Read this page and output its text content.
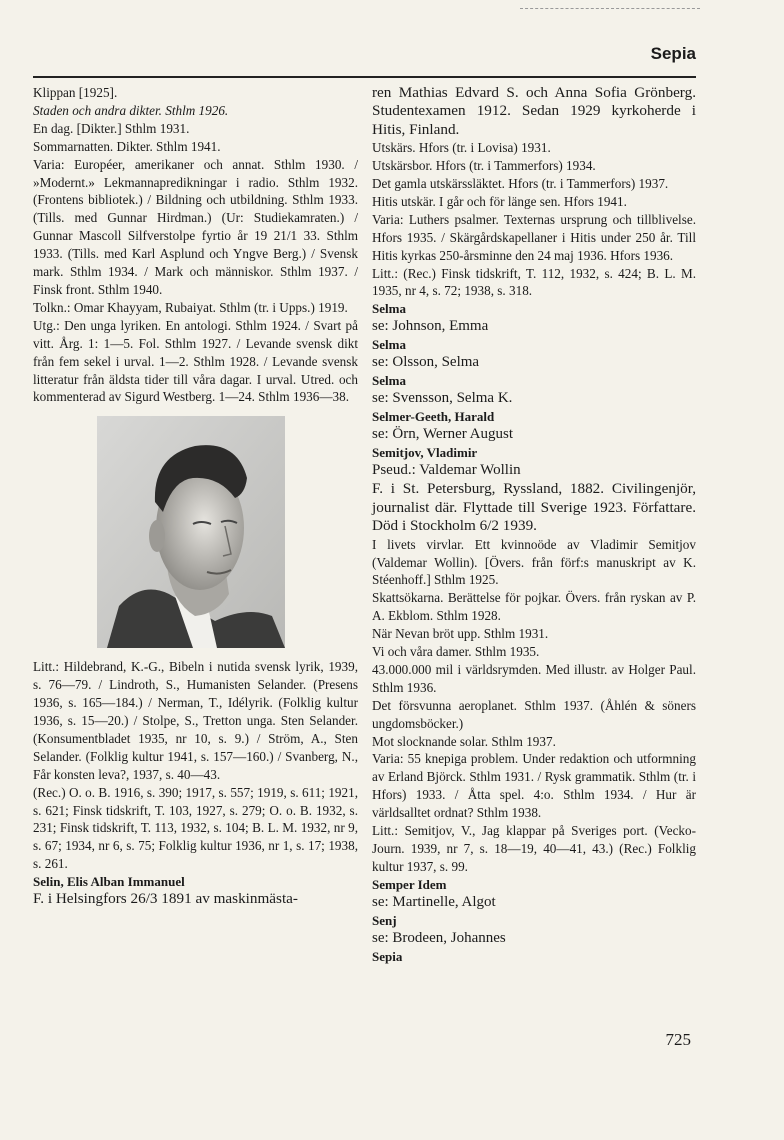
Sepia

Klippan [1925].

Staden och andra dikter. Sthlm 1926.

En dag. [Dikter.] Sthlm 1931.

Sommarnatten. Dikter. Sthlm 1941.

Varia: Européer, amerikaner och annat. Sthlm 1930. / »Modernt.» Lekmannapredikningar i radio. Sthlm 1932. (Frontens bibliotek.) / Bildning och utbildning. Sthlm 1933. (Tills. med Gunnar Hirdman.) (Ur: Studiekamraten.) / Gunnar Mascoll Silfverstolpe fyrtio år 19 21/1 33. Sthlm 1933. (Tills. med Karl Asplund och Yngve Berg.) / Svensk mark. Sthlm 1934. / Mark och människor. Sthlm 1937. / Finsk front. Sthlm 1940.

Tolkn.: Omar Khayyam, Rubaiyat. Sthlm (tr. i Upps.) 1919.

Utg.: Den unga lyriken. En antologi. Sthlm 1924. / Svart på vitt. Årg. 1: 1—5. Fol. Sthlm 1927. / Levande svensk dikt från fem sekel i urval. 1—2. Sthlm 1928. / Levande svensk litteratur från äldsta tider till våra dagar. I urval. Utred. och kommenterad av Sigurd Westberg. 1—24. Sthlm 1936—38.

Litt.: Hildebrand, K.-G., Bibeln i nutida svensk lyrik, 1939, s. 76—79. / Lindroth, S., Humanisten Selander. (Presens 1936, s. 165—184.) / Nerman, T., Idélyrik. (Folklig kultur 1936, s. 15—20.) / Stolpe, S., Tretton unga. Sten Selander. (Konsumentbladet 1935, nr 10, s. 9.) / Ström, A., Sten Selander. (Folklig kultur 1941, s. 157—160.) / Svanberg, N., Får konsten leva?, 1937, s. 40—43.

(Rec.) O. o. B. 1916, s. 390; 1917, s. 557; 1919, s. 611; 1921, s. 621; Finsk tidskrift, T. 103, 1927, s. 279; O. o. B. 1932, s. 231; Finsk tidskrift, T. 113, 1932, s. 104; B. L. M. 1932, nr 9, s. 67; 1934, nr 6, s. 75; Folklig kultur 1936, nr 1, s. 17; 1938, s. 261.

Selin, Elis Alban Immanuel

F. i Helsingfors 26/3 1891 av maskinmästa-

ren Mathias Edvard S. och Anna Sofia Grönberg. Studentexamen 1912. Sedan 1929 kyrkoherde i Hitis, Finland.

Utskärs. Hfors (tr. i Lovisa) 1931.

Utskärsbor. Hfors (tr. i Tammerfors) 1934.

Det gamla utskärssläktet. Hfors (tr. i Tammerfors) 1937.

Hitis utskär. I går och för länge sen. Hfors 1941.

Varia: Luthers psalmer. Texternas ursprung och tillblivelse. Hfors 1935. / Skärgårdskapellaner i Hitis under 250 år. Till Hitis kyrkas 250-årsminne den 24 maj 1936. Hfors 1936.

Litt.: (Rec.) Finsk tidskrift, T. 112, 1932, s. 424; B. L. M. 1935, nr 4, s. 72; 1938, s. 318.

Selma

se: Johnson, Emma

Selma

se: Olsson, Selma

Selma

se: Svensson, Selma K.

Selmer-Geeth, Harald

se: Örn, Werner August

Semitjov, Vladimir

Pseud.: Valdemar Wollin

F. i St. Petersburg, Ryssland, 1882. Civilingenjör, journalist där. Flyttade till Sverige 1923. Författare. Död i Stockholm 6/2 1939.

I livets virvlar. Ett kvinnoöde av Vladimir Semitjov (Valdemar Wollin). [Övers. från förf:s manuskript av K. Stéenhoff.] Sthlm 1925.

Skattsökarna. Berättelse för pojkar. Övers. från ryskan av P. A. Ekblom. Sthlm 1928.

När Nevan bröt upp. Sthlm 1931.

Vi och våra damer. Sthlm 1935.

43.000.000 mil i världsrymden. Med illustr. av Holger Paul. Sthlm 1936.

Det försvunna aeroplanet. Sthlm 1937. (Åhlén & söners ungdomsböcker.)

Mot slocknande solar. Sthlm 1937.

Varia: 55 knepiga problem. Under redaktion och utformning av Erland Björck. Sthlm 1931. / Rysk grammatik. Sthlm (tr. i Hfors) 1933. / Åtta spel. 4:o. Sthlm 1934. / Hur är världsalltet ordnat? Sthlm 1938.

Litt.: Semitjov, V., Jag klappar på Sveriges port. (Vecko-Journ. 1939, nr 7, s. 18—19, 40—41, 43.) (Rec.) Folklig kultur 1937, s. 99.

Semper Idem

se: Martinelle, Algot

Senj

se: Brodeen, Johannes

Sepia

725
